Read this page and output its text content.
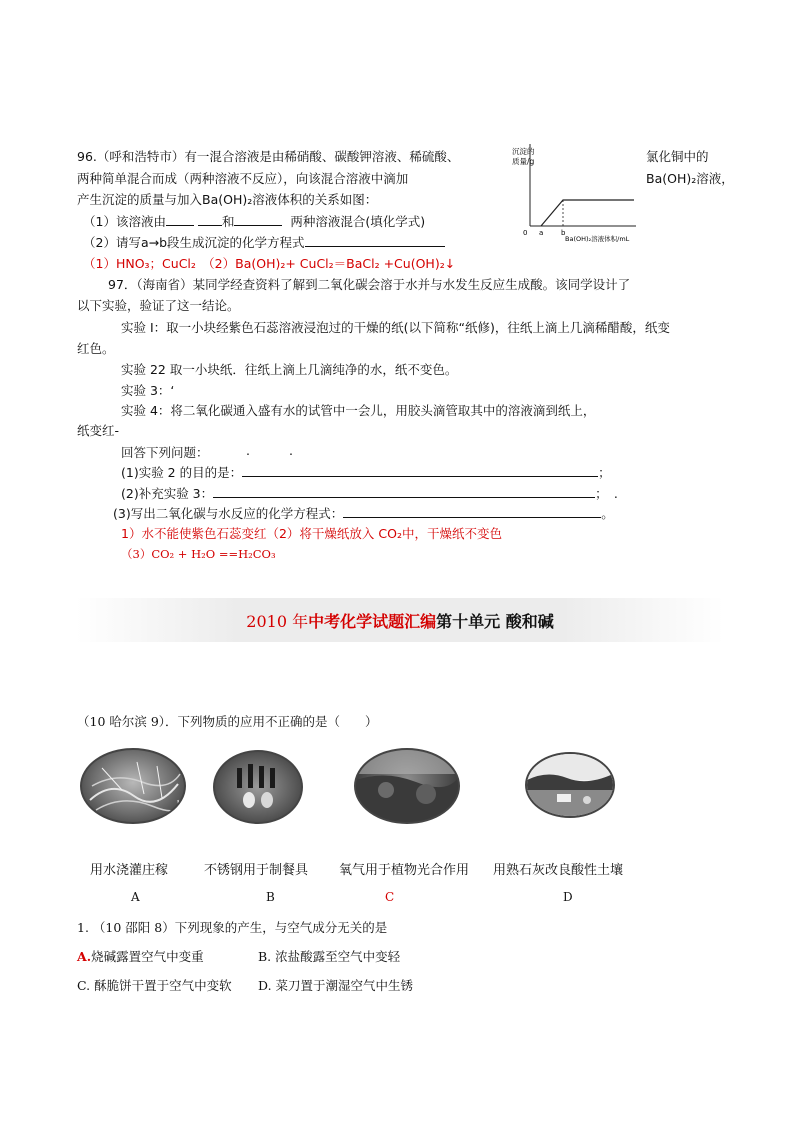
96.（呼和浩特市）有一混合溶液是由稀硝酸、碳酸钾溶液、稀硫酸、	氯化铜中的
两种简单混合而成（两种溶液不反应），向该混合溶液中滴加	Ba(OH)₂溶液，
产生沉淀的质量与加入Ba(OH)₂溶液体积的关系如图：
（1）该溶液由	和	两种溶液混合(填化学式)
（2）请写a→b段生成沉淀的化学方程式
（1）HNO₃；CuCl₂　（2）Ba(OH)₂+ CuCl₂＝BaCl₂ +Cu(OH)₂↓
沉淀的
质量/g
0 a	b
Ba(OH)₂溶液体积/mL
97．（海南省）某同学经查资料了解到二氧化碳会溶于水并与水发生反应生成酸。该同学设计了
以下实验，验证了这一结论。
实验 I：取一小块经紫色石蕊溶液浸泡过的干燥的纸(以下简称“纸修)，往纸上滴上几滴稀醋酸，纸变
红色。
实验 22 取一小块纸．往纸上滴上几滴纯净的水，纸不变色。
实验 3：‘
实验 4：将二氧化碳通入盛有水的试管中一会儿，用胶头滴管取其中的溶液滴到纸上，
纸变红-
回答下列问题：	.	.
(1)实验 2 的目的是：	；
(2)补充实验 3：	；　.
(3)写出二氧化碳与水反应的化学方程式：	。
1）水不能使紫色石蕊变红（2）将干燥纸放入 CO₂中，干燥纸不变色
（3）CO₂ + H₂O ==H₂CO₃
2010 年中考化学试题汇编第十单元 酸和碱
（10 哈尔滨 9）．下列物质的应用不正确的是（　　）
用水浇灌庄稼	不锈钢用于制餐具 氧气用于植物光合作用 用熟石灰改良酸性土壤
A	B	C	D
1. （10 邵阳 8）下列现象的产生，与空气成分无关的是
A.烧碱露置空气中变重	B. 浓盐酸露至空气中变轻
C. 酥脆饼干置于空气中变软 D. 菜刀置于潮湿空气中生锈
